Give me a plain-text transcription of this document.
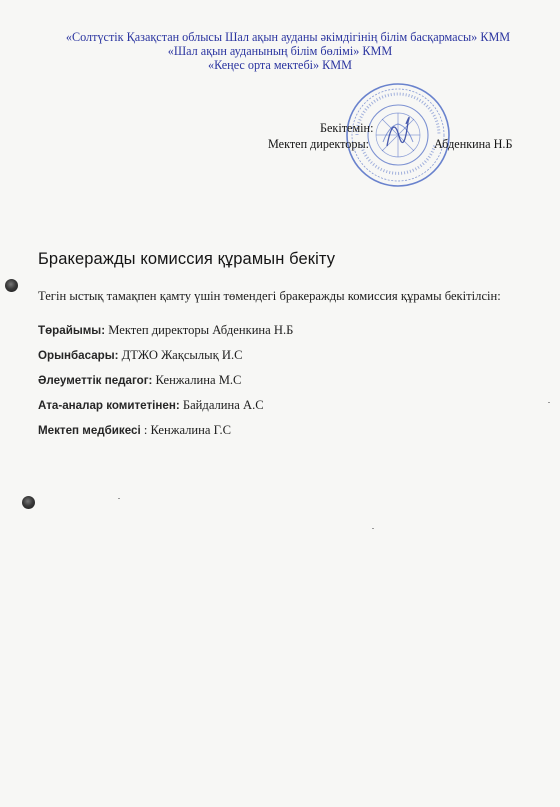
«Солтүстік Қазақстан облысы Шал ақын ауданы әкімдігінің білім басқармасы» КММ
«Шал ақын ауданының білім бөлімі» КММ
«Кеңес орта мектебі» КММ
Бекітемін:
Мектеп директоры:	Абденкина Н.Б
Бракеражды комиссия құрамын бекіту
Тегін ыстық тамақпен қамту үшін төмендегі бракеражды комиссия құрамы бекітілсін:
Төрайымы: Мектеп директоры Абденкина Н.Б
Орынбасары: ДТЖО Жақсылық И.С
Әлеуметтік педагог: Кенжалина М.С
Ата-аналар комитетінен: Байдалина А.С
Мектеп медбикесі : Кенжалина Г.С
